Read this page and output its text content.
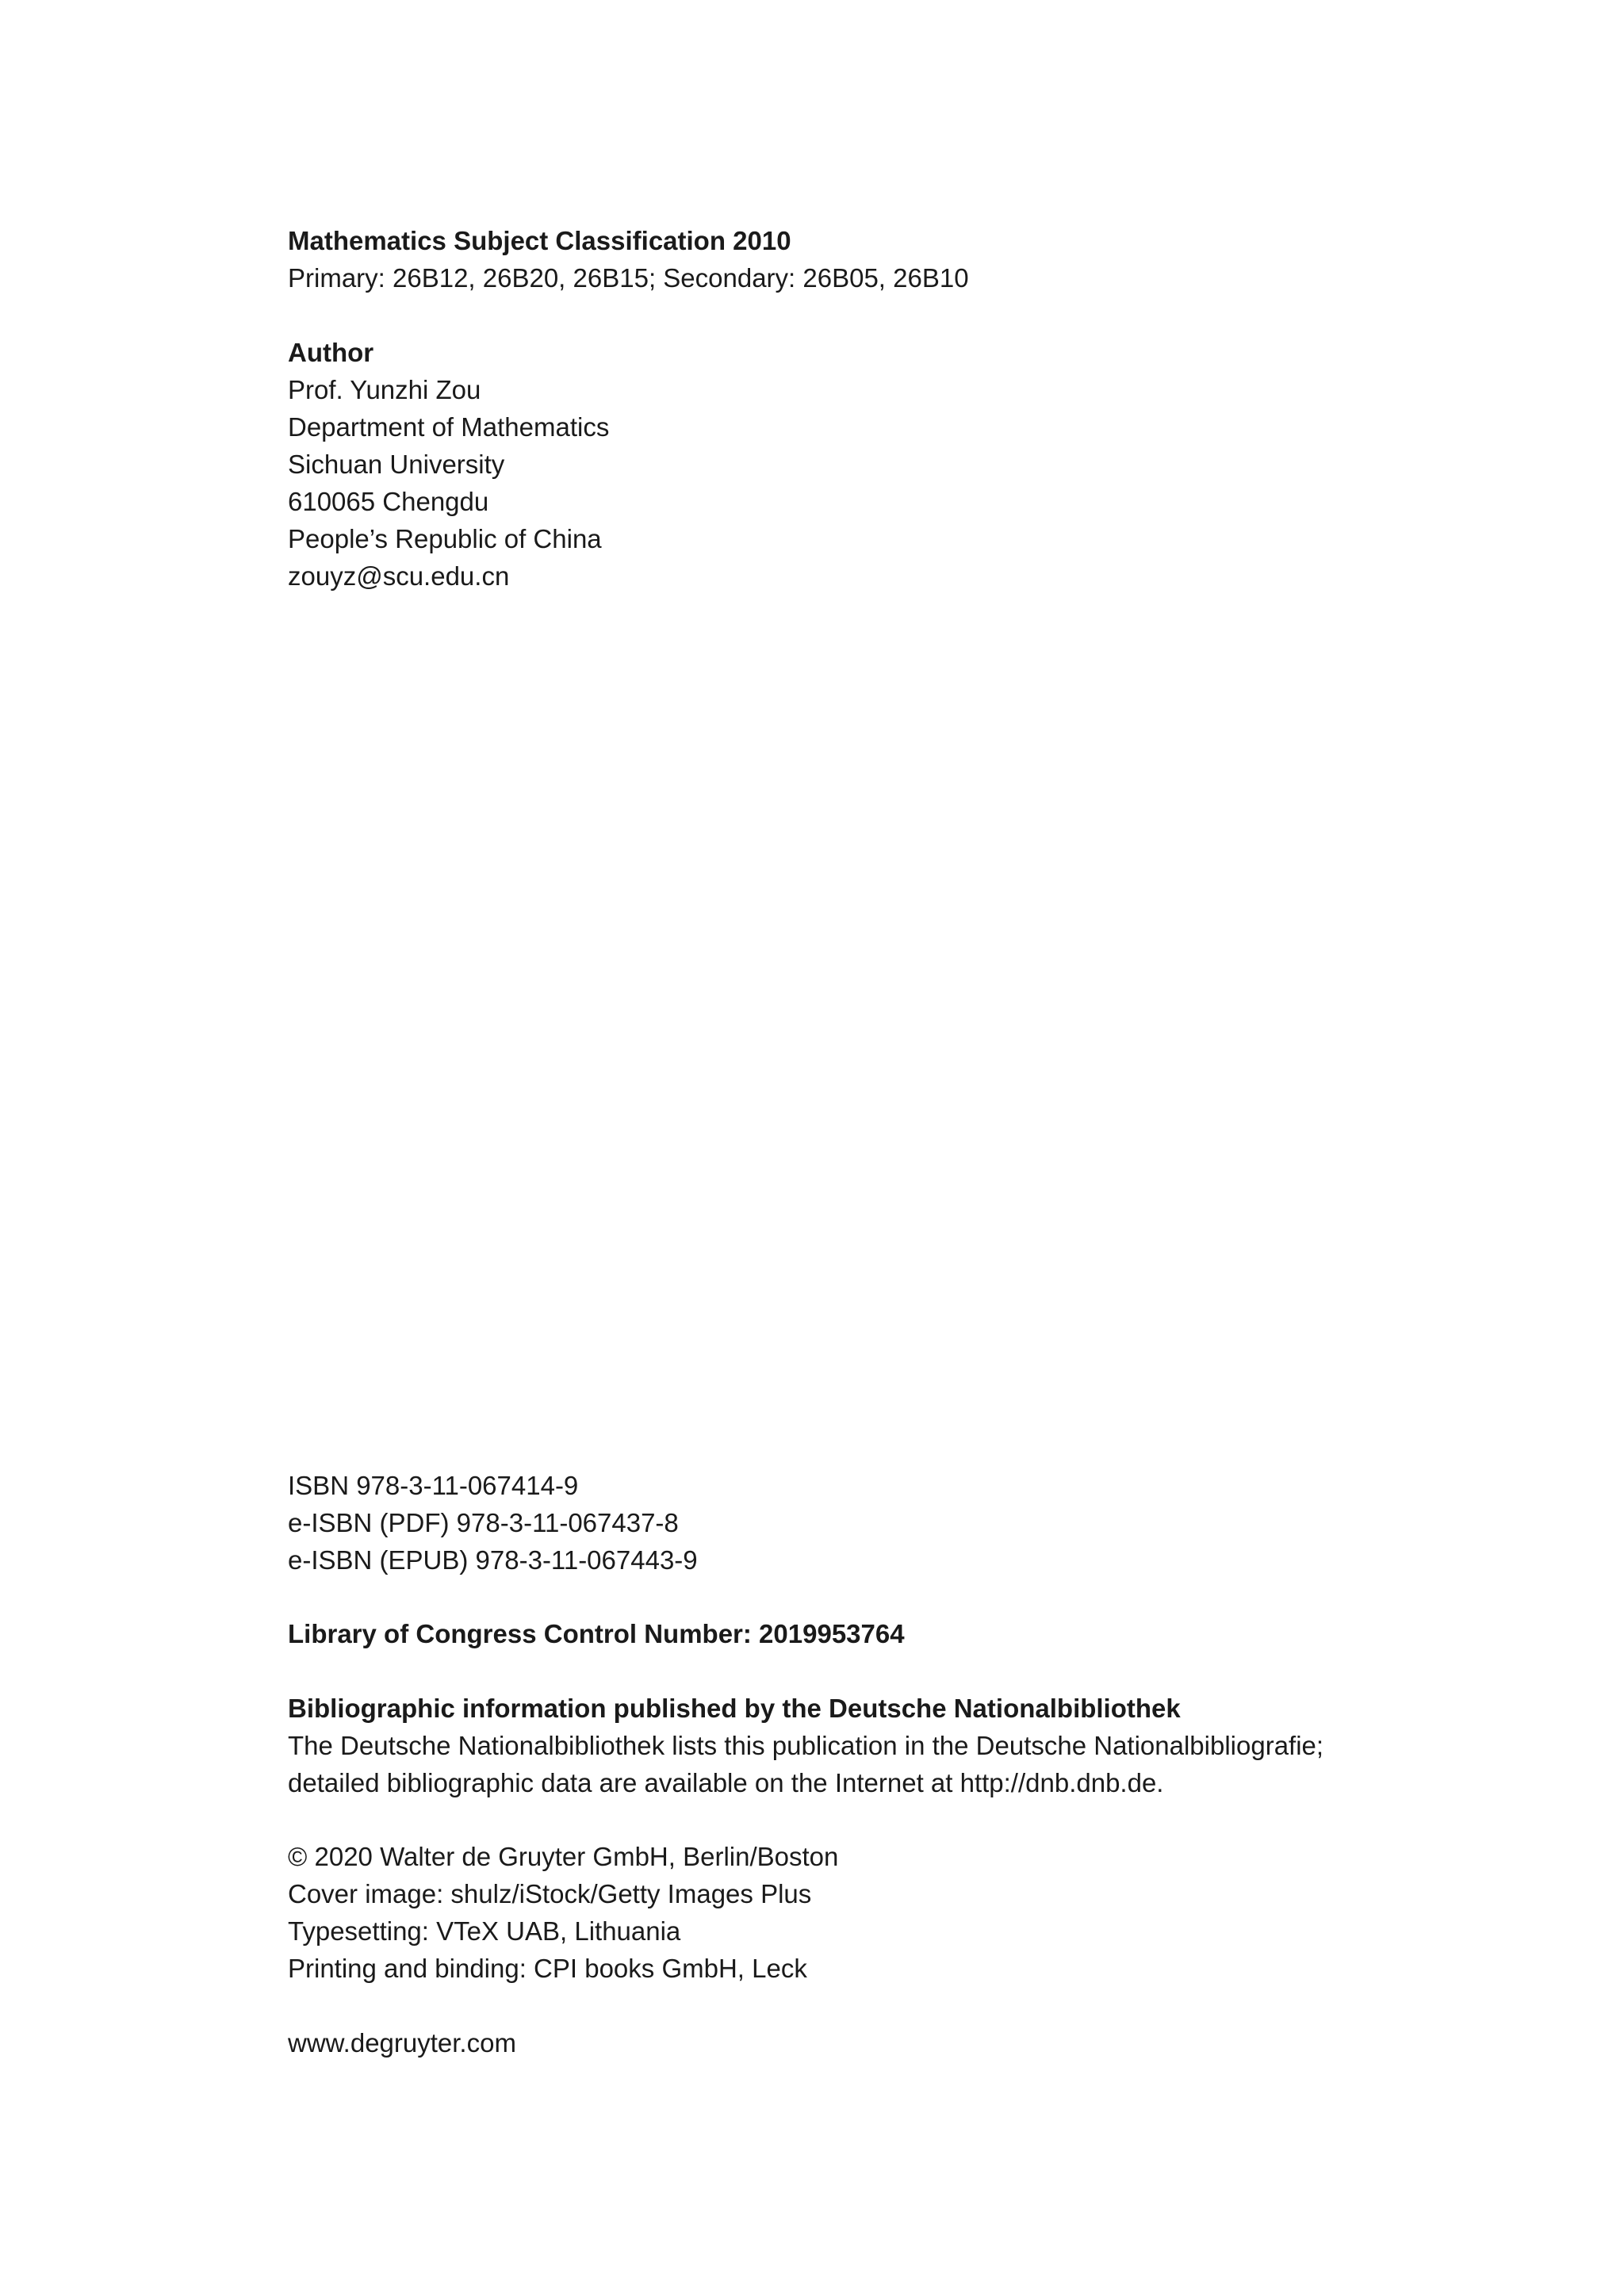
Mathematics Subject Classification 2010
Primary: 26B12, 26B20, 26B15; Secondary: 26B05, 26B10
Author
Prof. Yunzhi Zou
Department of Mathematics
Sichuan University
610065 Chengdu
People’s Republic of China
zouyz@scu.edu.cn
ISBN 978-3-11-067414-9
e-ISBN (PDF) 978-3-11-067437-8
e-ISBN (EPUB) 978-3-11-067443-9
Library of Congress Control Number: 2019953764
Bibliographic information published by the Deutsche Nationalbibliothek
The Deutsche Nationalbibliothek lists this publication in the Deutsche Nationalbibliografie;
detailed bibliographic data are available on the Internet at http://dnb.dnb.de.
© 2020 Walter de Gruyter GmbH, Berlin/Boston
Cover image: shulz/iStock/Getty Images Plus
Typesetting: VTeX UAB, Lithuania
Printing and binding: CPI books GmbH, Leck
www.degruyter.com
